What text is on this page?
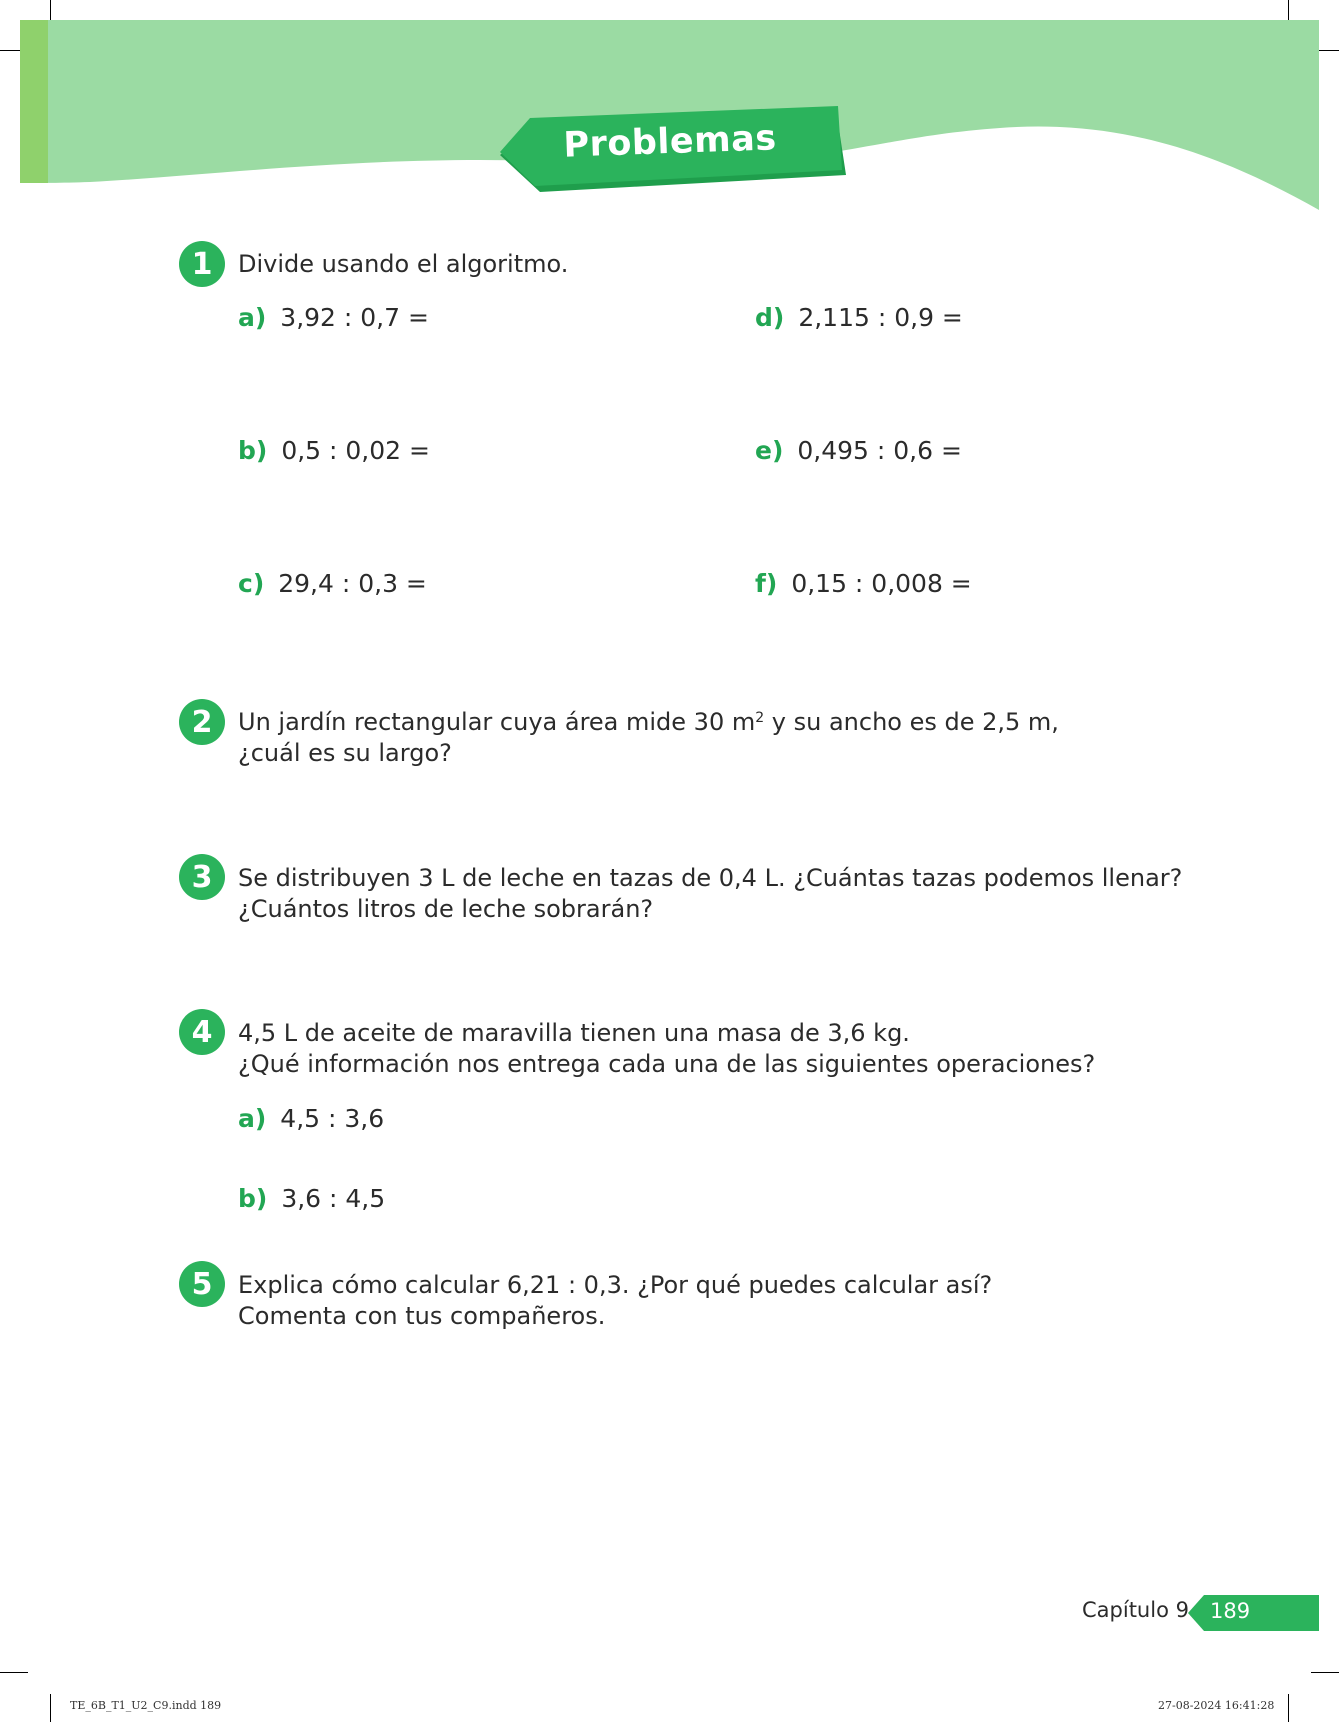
Problemas
1	Divide usando el algoritmo.
a) 3,92 : 0,7 =
b) 0,5 : 0,02 =
c) 29,4 : 0,3 =
d) 2,115 : 0,9 =
e) 0,495 : 0,6 =
f) 0,15 : 0,008 =
2	Un jardín rectangular cuya área mide 30 $m^2$ y su ancho es de 2,5 m,
¿cuál es su largo?
3	Se distribuyen 3 L de leche en tazas de 0,4 L. ¿Cuántas tazas podemos llenar?
¿Cuántos litros de leche sobrarán?
4	4,5 L de aceite de maravilla tienen una masa de 3,6 kg.
¿Qué información nos entrega cada una de las siguientes operaciones?
a) 4,5 : 3,6
b) 3,6 : 4,5
5	Explica cómo calcular 6,21 : 0,3. ¿Por qué puedes calcular así?
Comenta con tus compañeros.
Capítulo 9 189
TE_6B_T1_U2_C9.indd 189	27-08-2024 16:41:28
